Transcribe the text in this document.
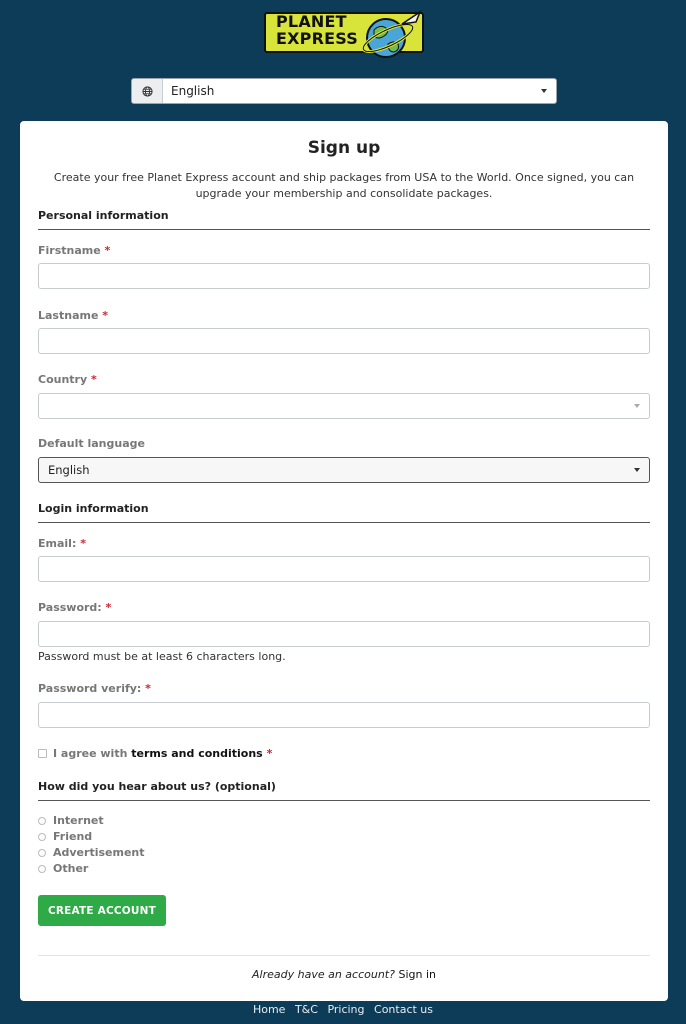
PLANET
EXPRESS
English
Sign up
Create your free Planet Express account and ship packages from USA to the World. Once signed, you can upgrade your membership and consolidate packages.
Personal information
Firstname *
Lastname *
Country *
Default language
English
Login information
Email: *
Password: *
Password must be at least 6 characters long.
Password verify: *
I agree with
terms and conditions
*
How did you hear about us? (optional)
Internet
Friend
Advertisement
Other
CREATE ACCOUNT
Already have an account? Sign in
Home T&C Pricing Contact us
